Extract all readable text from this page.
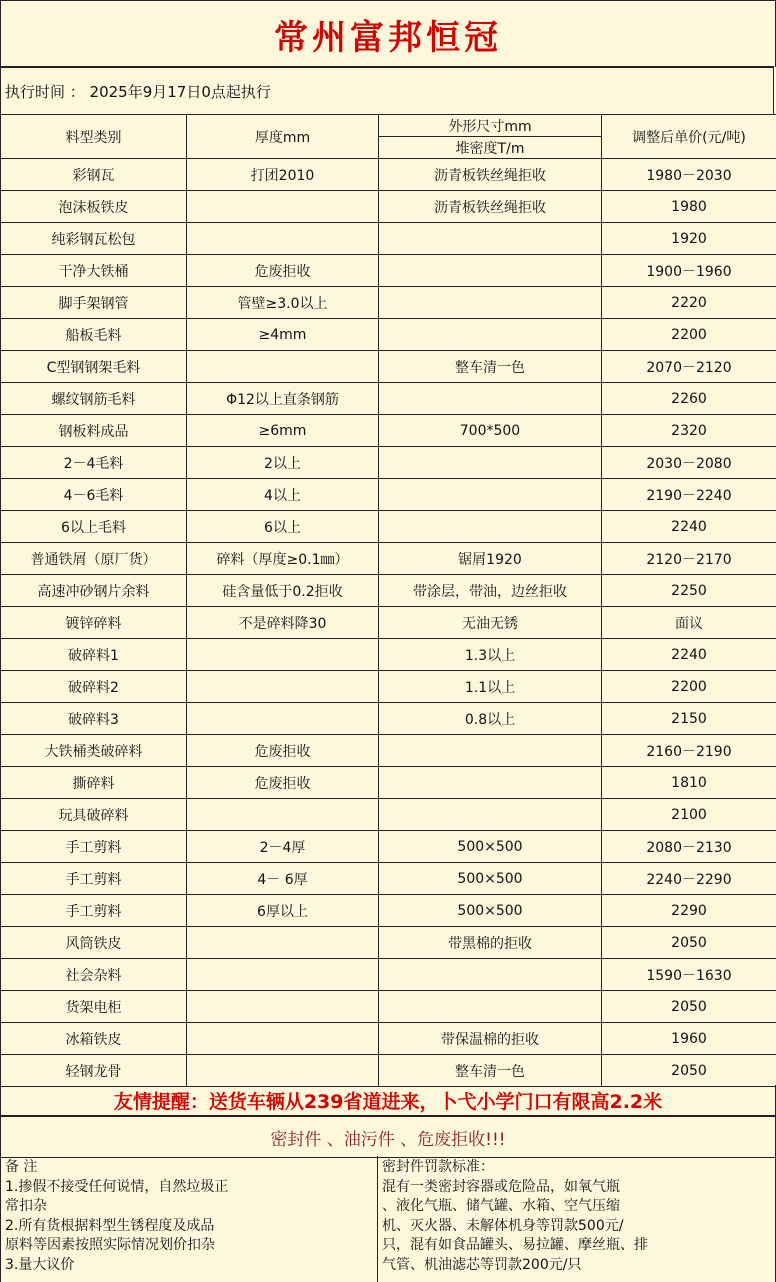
常州富邦恒冠
执行时间 ： 2025年9月17日0点起执行
料型类别	厚度mm	外形尺寸mm	调整后单价(元/吨)
		堆密度T/m	
彩钢瓦	打团2010	沥青板铁丝绳拒收	1980－2030
泡沫板铁皮		沥青板铁丝绳拒收	1980
纯彩钢瓦松包			1920
干净大铁桶	危废拒收		1900－1960
脚手架钢管	管壁≥3.0以上		2220
船板毛料	≥4mm		2200
C型钢钢架毛料		整车清一色	2070－2120
螺纹钢筋毛料	Φ12以上直条钢筋		2260
钢板料成品	≥6mm	700*500	2320
2－4毛料	2以上		2030－2080
4－6毛料	4以上		2190－2240
6以上毛料	6以上		2240
普通铁屑（原厂货）	碎料（厚度≥0.1㎜）	锯屑1920	2120－2170
高速冲砂钢片余料	硅含量低于0.2拒收	带涂层，带油，边丝拒收	2250
镀锌碎料	不是碎料降30	无油无锈	面议
破碎料1		1.3以上	2240
破碎料2		1.1以上	2200
破碎料3		0.8以上	2150
大铁桶类破碎料	危废拒收		2160－2190
撕碎料	危废拒收		1810
玩具破碎料			2100
手工剪料	2－4厚	500×500	2080－2130
手工剪料	4－ 6厚	500×500	2240－2290
手工剪料	6厚以上	500×500	2290
风筒铁皮		带黑棉的拒收	2050
社会杂料			1590－1630
货架电柜			2050
冰箱铁皮		带保温棉的拒收	1960
轻钢龙骨		整车清一色	2050
友情提醒：送货车辆从239省道进来，卜弋小学门口有限高2.2米
密封件 、油污件 、危废拒收!!!
备 注
1.掺假不接受任何说情，自然垃圾正
常扣杂
2.所有货根据料型生锈程度及成品
原料等因素按照实际情况划价扣杂
3.量大议价
密封件罚款标准：
混有一类密封容器或危险品，如氧气瓶
、液化气瓶、储气罐、水箱、空气压缩
机、灭火器、未解体机身等罚款500元/
只，混有如食品罐头、易拉罐、摩丝瓶、排
气管、机油滤芯等罚款200元/只
